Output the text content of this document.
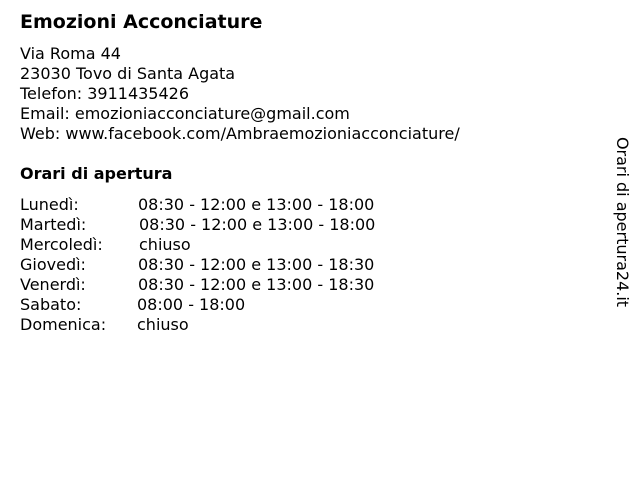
Emozioni Acconciature
Via Roma 44
23030 Tovo di Santa Agata
Telefon: 3911435426
Email: emozioniacconciature@gmail.com
Web: www.facebook.com/Ambraemozioniacconciature/
Orari di apertura
Lunedì:	08:30 - 12:00 e 13:00 - 18:00
Martedì:	08:30 - 12:00 e 13:00 - 18:00
Mercoledì: chiuso
Giovedì:	08:30 - 12:00 e 13:00 - 18:30
Venerdì:	08:30 - 12:00 e 13:00 - 18:30
Sabato:	08:00 - 18:00
Domenica: chiuso
Orari di apertura24.it
